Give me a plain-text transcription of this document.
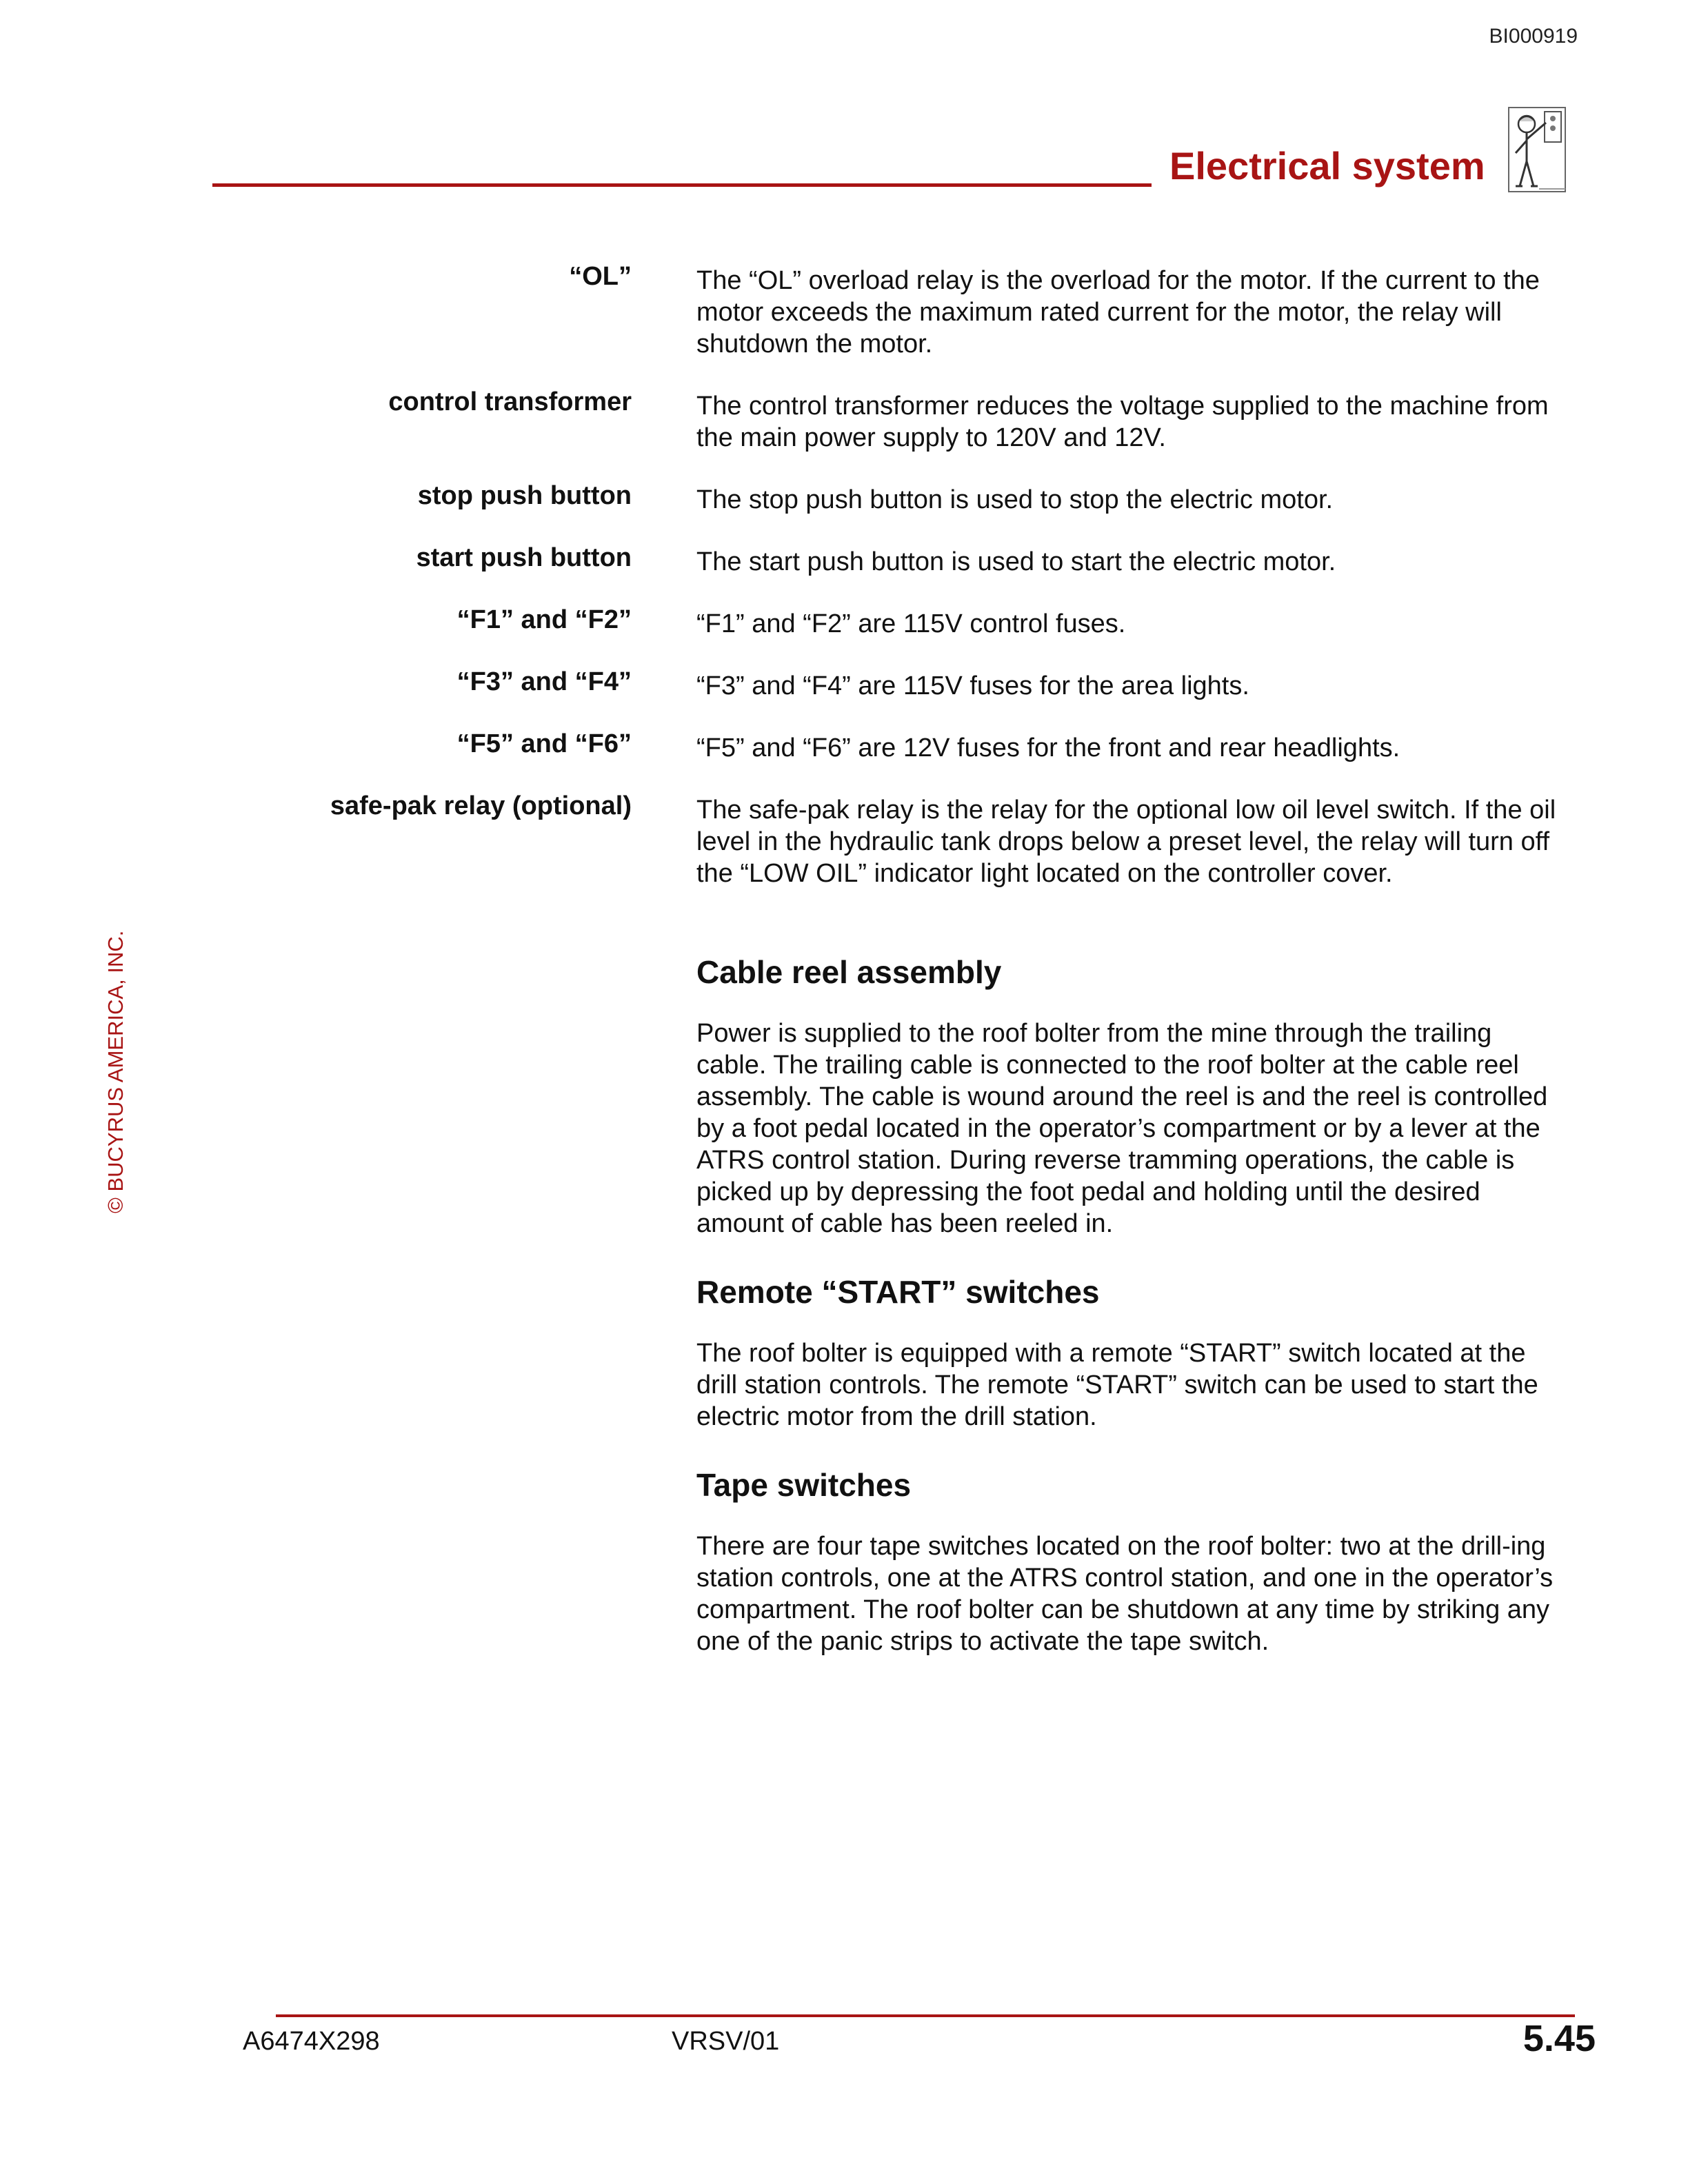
BI000919
Electrical system
© BUCYRUS AMERICA, INC.
“OL” The “OL” overload relay is the overload for the motor. If the current to the motor exceeds the maximum rated current for the motor, the relay will shutdown the motor.
control transformer The control transformer reduces the voltage supplied to the machine from the main power supply to 120V and 12V.
stop push button The stop push button is used to stop the electric motor.
start push button The start push button is used to start the electric motor.
“F1” and “F2” “F1” and “F2” are 115V control fuses.
“F3” and “F4” “F3” and “F4” are 115V fuses for the area lights.
“F5” and “F6” “F5” and “F6” are 12V fuses for the front and rear headlights.
safe-pak relay (optional) The safe-pak relay is the relay for the optional low oil level switch. If the oil level in the hydraulic tank drops below a preset level, the relay will turn off the “LOW OIL” indicator light located on the controller cover.
Cable reel assembly

Power is supplied to the roof bolter from the mine through the trailing cable. The trailing cable is connected to the roof bolter at the cable reel assembly. The cable is wound around the reel is and the reel is controlled by a foot pedal located in the operator’s compartment or by a lever at the ATRS control station. During reverse tramming operations, the cable is picked up by depressing the foot pedal and holding until the desired amount of cable has been reeled in.

Remote “START” switches

The roof bolter is equipped with a remote “START” switch located at the drill station controls. The remote “START” switch can be used to start the electric motor from the drill station.

Tape switches

There are four tape switches located on the roof bolter: two at the drill-ing station controls, one at the ATRS control station, and one in the operator’s compartment. The roof bolter can be shutdown at any time by striking any one of the panic strips to activate the tape switch.

A6474X298	VRSV/01	5.45
